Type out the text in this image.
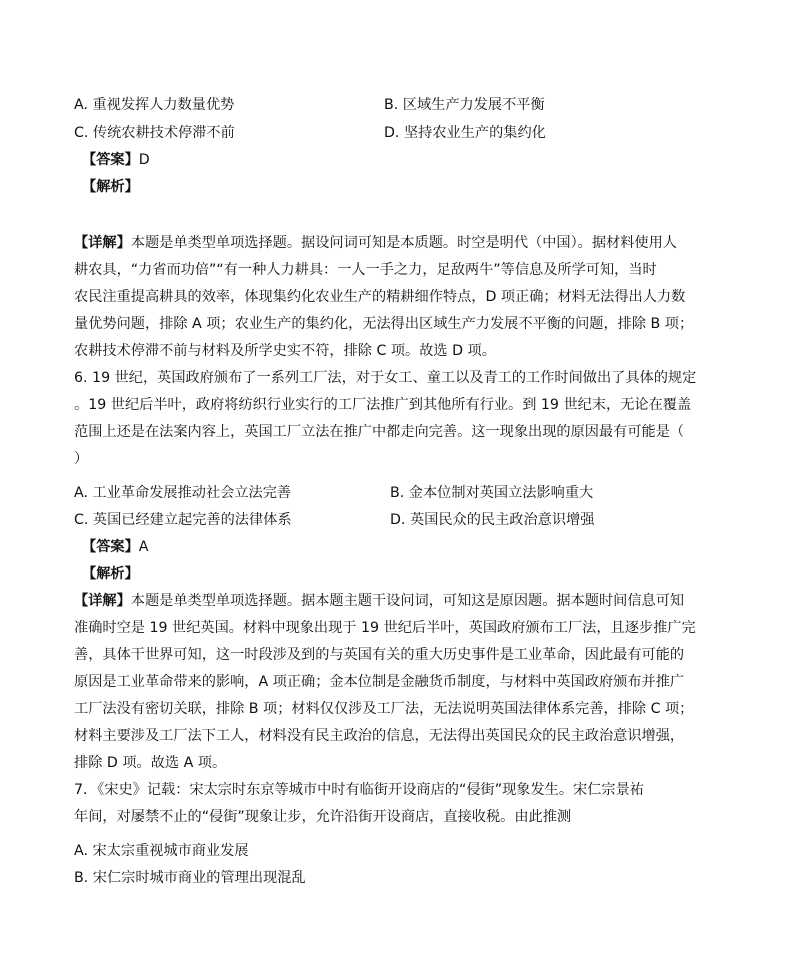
A. 重视发挥人力数量优势	B. 区域生产力发展不平衡
C. 传统农耕技术停滞不前	D. 坚持农业生产的集约化
【答案】D
【解析】
【详解】本题是单类型单项选择题。据设问词可知是本质题。时空是明代（中国）。据材料使用人
耕农具，“力省而功倍”“有一种人力耕具：一人一手之力，足敌两牛”等信息及所学可知，当时
农民注重提高耕具的效率，体现集约化农业生产的精耕细作特点，D 项正确；材料无法得出人力数
量优势问题，排除 A 项；农业生产的集约化，无法得出区域生产力发展不平衡的问题，排除 B 项；
农耕技术停滞不前与材料及所学史实不符，排除 C 项。故选 D 项。
6. 19 世纪，英国政府颁布了一系列工厂法，对于女工、童工以及青工的工作时间做出了具体的规定
。19 世纪后半叶，政府将纺织行业实行的工厂法推广到其他所有行业。到 19 世纪末，无论在覆盖
范围上还是在法案内容上，英国工厂立法在推广中都走向完善。这一现象出现的原因最有可能是（
）
A. 工业革命发展推动社会立法完善	B. 金本位制对英国立法影响重大
C. 英国已经建立起完善的法律体系	D. 英国民众的民主政治意识增强
【答案】A
【解析】
【详解】本题是单类型单项选择题。据本题主题干设问词，可知这是原因题。据本题时间信息可知
准确时空是 19 世纪英国。材料中现象出现于 19 世纪后半叶，英国政府颁布工厂法，且逐步推广完
善，具体干世界可知，这一时段涉及到的与英国有关的重大历史事件是工业革命，因此最有可能的
原因是工业革命带来的影响，A 项正确；金本位制是金融货币制度，与材料中英国政府颁布并推广
工厂法没有密切关联，排除 B 项；材料仅仅涉及工厂法，无法说明英国法律体系完善，排除 C 项；
材料主要涉及工厂法下工人，材料没有民主政治的信息，无法得出英国民众的民主政治意识增强，
排除 D 项。故选 A 项。
7．《宋史》记载：宋太宗时东京等城市中时有临街开设商店的“侵街”现象发生。宋仁宗景祐
年间，对屡禁不止的“侵街”现象让步，允许沿街开设商店，直接收税。由此推测
A. 宋太宗重视城市商业发展
B. 宋仁宗时城市商业的管理出现混乱
